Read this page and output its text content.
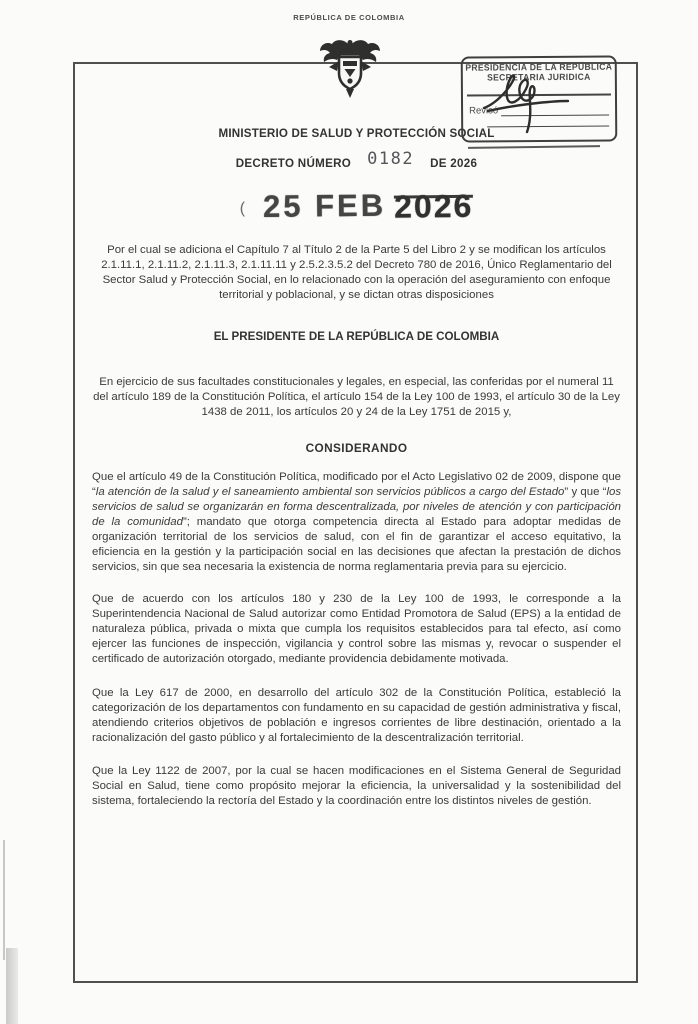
REPÚBLICA DE COLOMBIA
MINISTERIO DE SALUD Y PROTECCIÓN SOCIAL
DECRETO NÚMERO 0182 DE 2026
( 25 FEB 2026
Por el cual se adiciona el Capítulo 7 al Título 2 de la Parte 5 del Libro 2 y se modifican los artículos 2.1.11.1, 2.1.11.2, 2.1.11.3, 2.1.11.11 y 2.5.2.3.5.2 del Decreto 780 de 2016, Único Reglamentario del Sector Salud y Protección Social, en lo relacionado con la operación del aseguramiento con enfoque territorial y poblacional, y se dictan otras disposiciones
EL PRESIDENTE DE LA REPÚBLICA DE COLOMBIA
En ejercicio de sus facultades constitucionales y legales, en especial, las conferidas por el numeral 11 del artículo 189 de la Constitución Política, el artículo 154 de la Ley 100 de 1993, el artículo 30 de la Ley 1438 de 2011, los artículos 20 y 24 de la Ley 1751 de 2015 y,
CONSIDERANDO
Que el artículo 49 de la Constitución Política, modificado por el Acto Legislativo 02 de 2009, dispone que “la atención de la salud y el saneamiento ambiental son servicios públicos a cargo del Estado” y que “los servicios de salud se organizarán en forma descentralizada, por niveles de atención y con participación de la comunidad”; mandato que otorga competencia directa al Estado para adoptar medidas de organización territorial de los servicios de salud, con el fin de garantizar el acceso equitativo, la eficiencia en la gestión y la participación social en las decisiones que afectan la prestación de dichos servicios, sin que sea necesaria la existencia de norma reglamentaria previa para su ejercicio.
Que de acuerdo con los artículos 180 y 230 de la Ley 100 de 1993, le corresponde a la Superintendencia Nacional de Salud autorizar como Entidad Promotora de Salud (EPS) a la entidad de naturaleza pública, privada o mixta que cumpla los requisitos establecidos para tal efecto, así como ejercer las funciones de inspección, vigilancia y control sobre las mismas y, revocar o suspender el certificado de autorización otorgado, mediante providencia debidamente motivada.
Que la Ley 617 de 2000, en desarrollo del artículo 302 de la Constitución Política, estableció la categorización de los departamentos con fundamento en su capacidad de gestión administrativa y fiscal, atendiendo criterios objetivos de población e ingresos corrientes de libre destinación, orientado a la racionalización del gasto público y al fortalecimiento de la descentralización territorial.
Que la Ley 1122 de 2007, por la cual se hacen modificaciones en el Sistema General de Seguridad Social en Salud, tiene como propósito mejorar la eficiencia, la universalidad y la sostenibilidad del sistema, fortaleciendo la rectoría del Estado y la coordinación entre los distintos niveles de gestión.
PRESIDENCIA DE LA REPÚBLICA
SECRETARIA JURIDICA
Revisó
